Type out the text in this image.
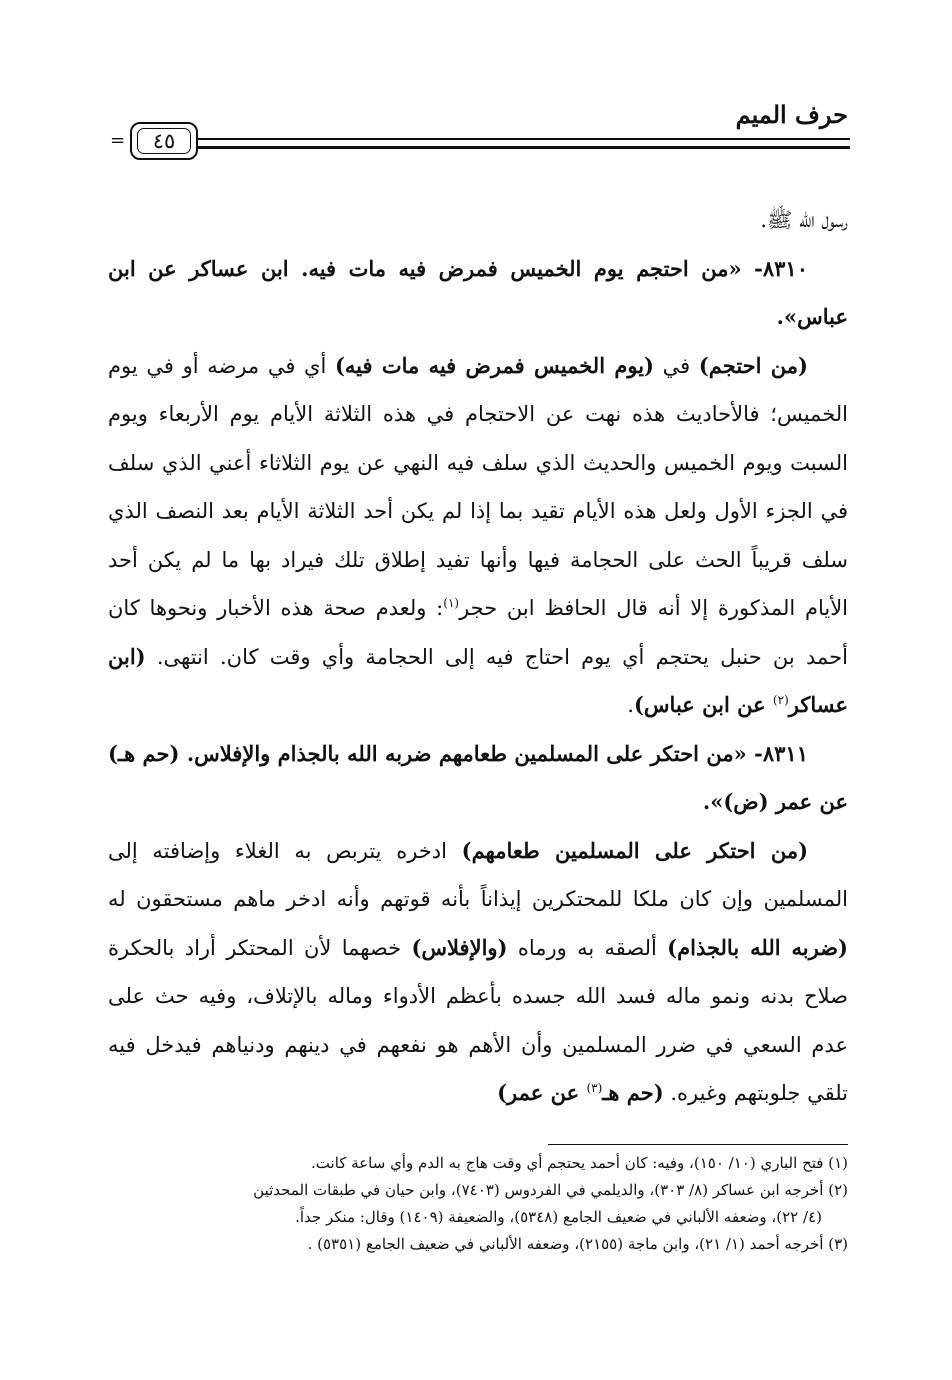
حرف الميم
٤٥
=

رسول الله ﷺ.

٨٣١٠- «من احتجم يوم الخميس فمرض فيه مات فيه. ابن عساكر عن ابن عباس».

(من احتجم) في (يوم الخميس فمرض فيه مات فيه) أي في مرضه أو في يوم الخميس؛ فالأحاديث هذه نهت عن الاحتجام في هذه الثلاثة الأيام يوم الأربعاء ويوم السبت ويوم الخميس والحديث الذي سلف فيه النهي عن يوم الثلاثاء أعني الذي سلف في الجزء الأول ولعل هذه الأيام تقيد بما إذا لم يكن أحد الثلاثة الأيام بعد النصف الذي سلف قريباً الحث على الحجامة فيها وأنها تفيد إطلاق تلك فيراد بها ما لم يكن أحد الأيام المذكورة إلا أنه قال الحافظ ابن حجر$^{(١)}$: ولعدم صحة هذه الأخبار ونحوها كان أحمد بن حنبل يحتجم أي يوم احتاج فيه إلى الحجامة وأي وقت كان. انتهى. (ابن عساكر$^{(٢)}$ عن ابن عباس).

٨٣١١- «من احتكر على المسلمين طعامهم ضربه الله بالجذام والإفلاس. (حم هـ) عن عمر (ض)».

(من احتكر على المسلمين طعامهم) ادخره يتربص به الغلاء وإضافته إلى المسلمين وإن كان ملكا للمحتكرين إيذاناً بأنه قوتهم وأنه ادخر ماهم مستحقون له (ضربه الله بالجذام) ألصقه به ورماه (والإفلاس) خصهما لأن المحتكر أراد بالحكرة صلاح بدنه ونمو ماله فسد الله جسده بأعظم الأدواء وماله بالإتلاف، وفيه حث على عدم السعي في ضرر المسلمين وأن الأهم هو نفعهم في دينهم ودنياهم فيدخل فيه تلقي جلوبتهم وغيره. (حم هـ$^{(٣)}$ عن عمر)

(١) فتح الباري (١٠/ ١٥٠)، وفيه: كان أحمد يحتجم أي وقت هاج به الدم وأي ساعة كانت.

(٢) أخرجه ابن عساكر (٨/ ٣٠٣)، والديلمي في الفردوس (٧٤٠٣)، وابن حيان في طبقات المحدثين

(٤/ ٢٢)، وضعفه الألباني في ضعيف الجامع (٥٣٤٨)، والضعيفة (١٤٠٩) وقال: منكر جداً.

(٣) أخرجه أحمد (١/ ٢١)، وابن ماجة (٢١٥٥)، وضعفه الألباني في ضعيف الجامع (٥٣٥١) .
